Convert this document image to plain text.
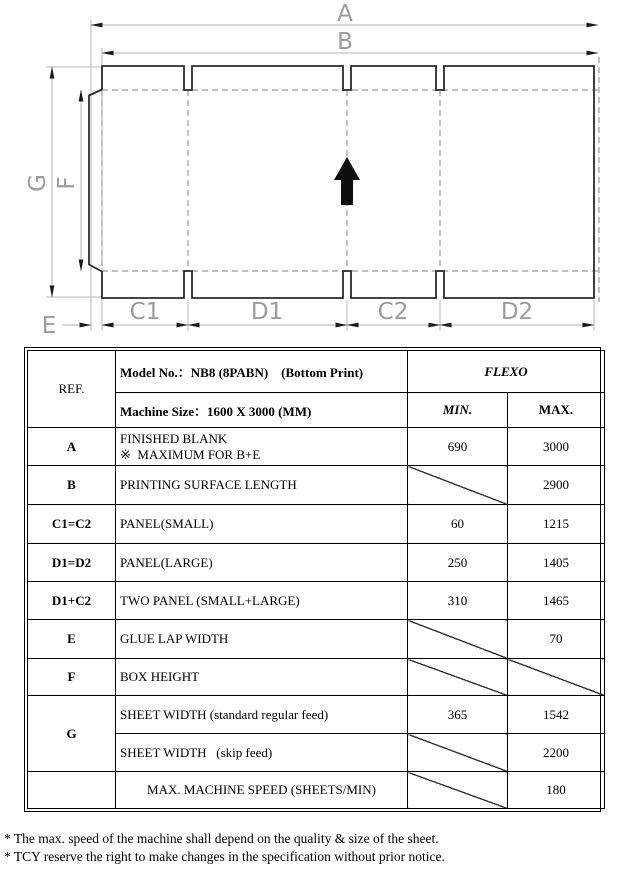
A
B
G F
E
C1	D1	C2	D2
REF.	Model No.：NB8 (8PABN)    (Bottom Print)	FLEXO	
	Machine Size：1600 X 3000 (MM)	MIN.	MAX.
A	FINISHED BLANK
※  MAXIMUM FOR B+E	690	3000
B	PRINTING SURFACE LENGTH		2900
C1=C2	PANEL(SMALL)	60	1215
D1=D2	PANEL(LARGE)	250	1405
D1+C2	TWO PANEL (SMALL+LARGE)	310	1465
E	GLUE LAP WIDTH		70
F	BOX HEIGHT		
G	SHEET WIDTH (standard regular feed)	365	1542
	SHEET WIDTH   (skip feed)		2200
	MAX. MACHINE SPEED (SHEETS/MIN)		180

* The max. speed of the machine shall depend on the quality & size of the sheet.

* TCY reserve the right to make changes in the specification without prior notice.
